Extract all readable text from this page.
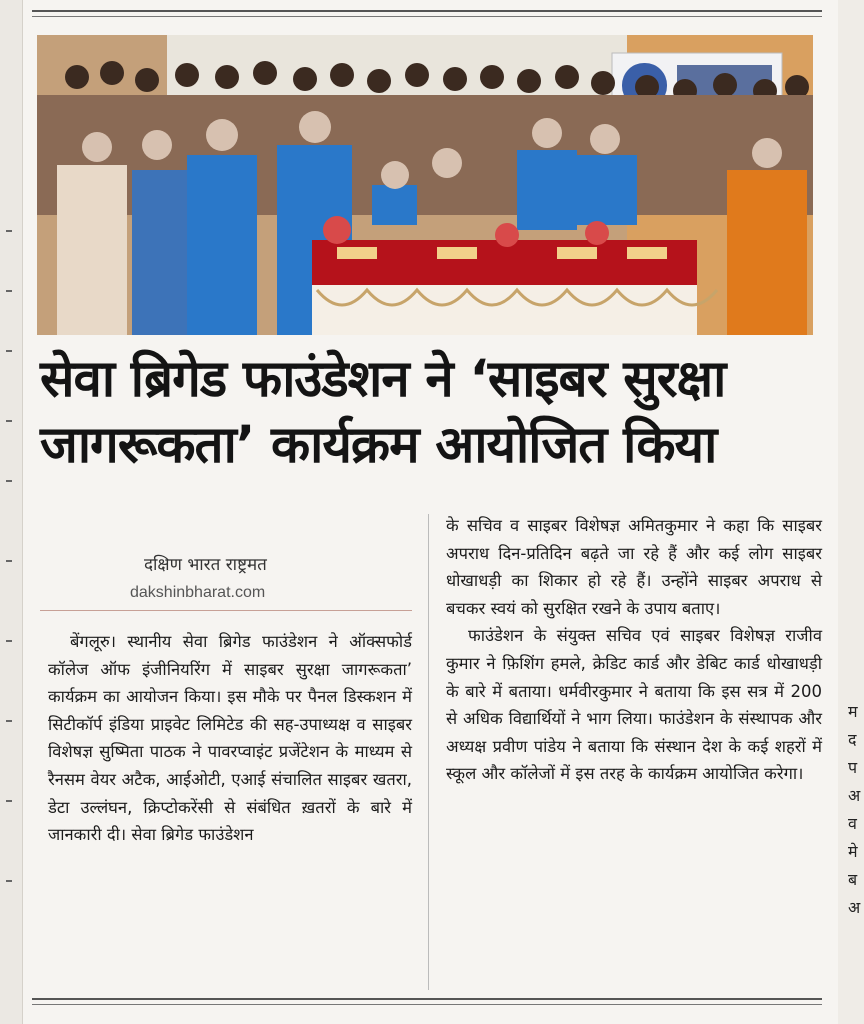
सेवा ब्रिगेड फाउंडेशन ने ‘साइबर सुरक्षा
जागरूकता’ कार्यक्रम आयोजित किया
दक्षिण भारत राष्ट्रमत
dakshinbharat.com

बेंगलूरु। स्थानीय सेवा ब्रिगेड फाउंडेशन ने ऑक्सफोर्ड कॉलेज ऑफ इंजीनियरिंग में साइबर सुरक्षा जागरूकता’ कार्यक्रम का आयोजन किया। इस मौके पर पैनल डिस्कशन में सिटीकॉर्प इंडिया प्राइवेट लिमिटेड की सह-उपाध्यक्ष व साइबर विशेषज्ञ सुष्मिता पाठक ने पावरप्वाइंट प्रजेंटेशन के माध्यम से रैनसम वेयर अटैक, आईओटी, एआई संचालित साइबर खतरा, डेटा उल्लंघन, क्रिप्टोकरेंसी से संबंधित ख़तरों के बारे में जानकारी दी। सेवा ब्रिगेड फाउंडेशन

के सचिव व साइबर विशेषज्ञ अमितकुमार ने कहा कि साइबर अपराध दिन-प्रतिदिन बढ़ते जा रहे हैं और कई लोग साइबर धोखाधड़ी का शिकार हो रहे हैं। उन्होंने साइबर अपराध से बचकर स्वयं को सुरक्षित रखने के उपाय बताए।

फाउंडेशन के संयुक्त सचिव एवं साइबर विशेषज्ञ राजीव कुमार ने फ़िशिंग हमले, क्रेडिट कार्ड और डेबिट कार्ड धोखाधड़ी के बारे में बताया। धर्मवीरकुमार ने बताया कि इस सत्र में 200 से अधिक विद्यार्थियों ने भाग लिया। फाउंडेशन के संस्थापक और अध्यक्ष प्रवीण पांडेय ने बताया कि संस्थान देश के कई शहरों में स्कूल और कॉलेजों में इस तरह के कार्यक्रम आयोजित करेगा।

म
द
प
अ
व
मे
ब
अ
